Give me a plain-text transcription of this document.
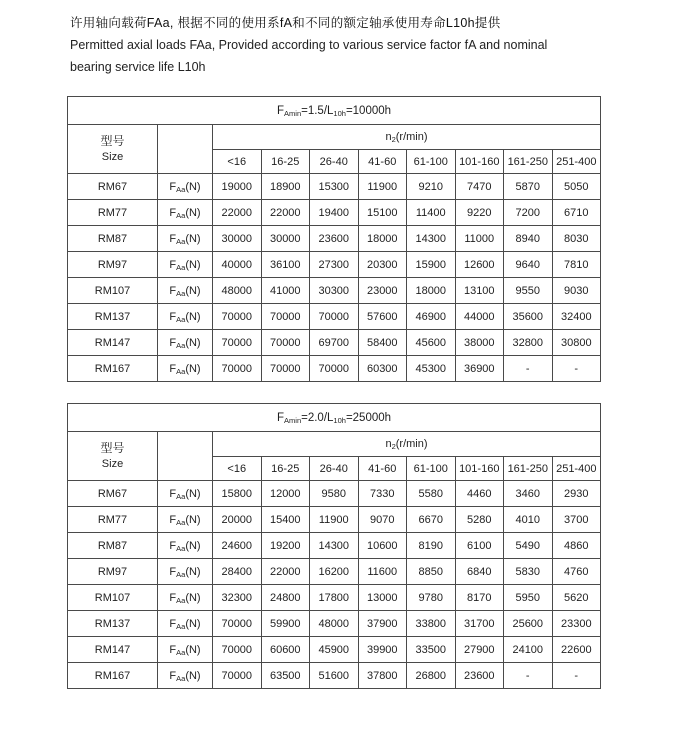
许用轴向载荷FAa, 根据不同的使用系fA和不同的额定轴承使用寿命L10h提供
Permitted axial loads FAa, Provided according to various service factor fA and nominal
bearing service life L10h
$F_{Amin}=1.5/L_{10h}=10000h$									
型号
Size		$n_2(r/\min)$							
		<16	16-25	26-40	41-60	61-100	101-160	161-250	251-400
RM67	$F_{Aa}(N)$	19000	18900	15300	11900	9210	7470	5870	5050
RM77	$F_{Aa}(N)$	22000	22000	19400	15100	11400	9220	7200	6710
RM87	$F_{Aa}(N)$	30000	30000	23600	18000	14300	11000	8940	8030
RM97	$F_{Aa}(N)$	40000	36100	27300	20300	15900	12600	9640	7810
RM107	$F_{Aa}(N)$	48000	41000	30300	23000	18000	13100	9550	9030
RM137	$F_{Aa}(N)$	70000	70000	70000	57600	46900	44000	35600	32400
RM147	$F_{Aa}(N)$	70000	70000	69700	58400	45600	38000	32800	30800
RM167	$F_{Aa}(N)$	70000	70000	70000	60300	45300	36900	-	-
$F_{Amin}=2.0/L_{10h}=25000h$									
型号
Size		$n_2(r/\min)$							
		<16	16-25	26-40	41-60	61-100	101-160	161-250	251-400
RM67	$F_{Aa}(N)$	15800	12000	9580	7330	5580	4460	3460	2930
RM77	$F_{Aa}(N)$	20000	15400	11900	9070	6670	5280	4010	3700
RM87	$F_{Aa}(N)$	24600	19200	14300	10600	8190	6100	5490	4860
RM97	$F_{Aa}(N)$	28400	22000	16200	11600	8850	6840	5830	4760
RM107	$F_{Aa}(N)$	32300	24800	17800	13000	9780	8170	5950	5620
RM137	$F_{Aa}(N)$	70000	59900	48000	37900	33800	31700	25600	23300
RM147	$F_{Aa}(N)$	70000	60600	45900	39900	33500	27900	24100	22600
RM167	$F_{Aa}(N)$	70000	63500	51600	37800	26800	23600	-	-
